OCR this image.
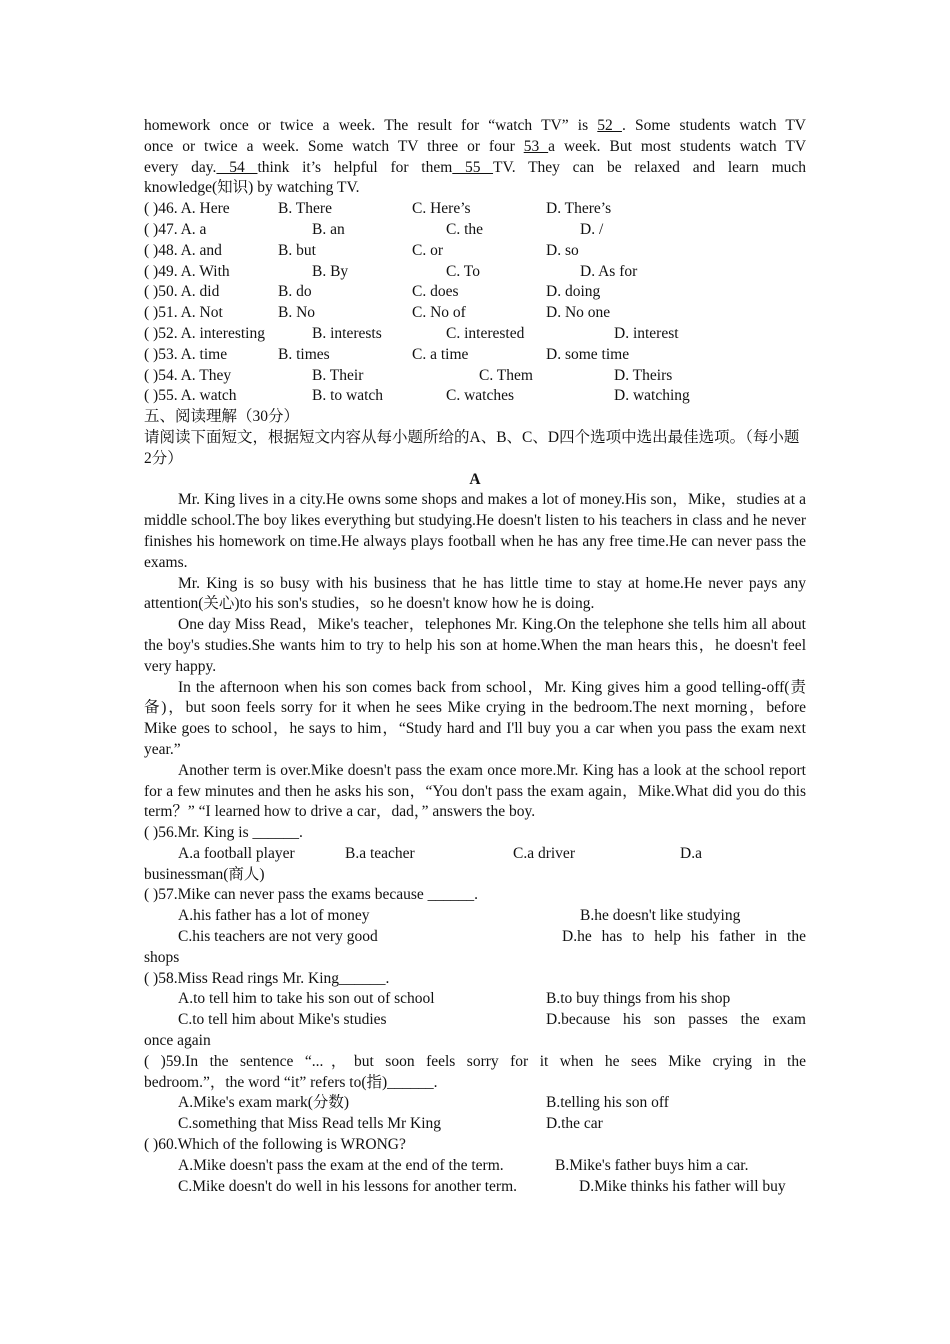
homework once or twice a week. The result for “watch TV” is 52 . Some students watch TV
once or twice a week. Some watch TV three or four 53 a week. But most students watch TV
every day. 54 think it’s helpful for them 55 TV. They can be relaxed and learn much
knowledge(知识) by watching TV.
( )46. A. Here	B. There	C. Here’s	D. There’s
( )47. A. a	B. an	C. the	D. /
( )48. A. and	B. but	C. or	D. so
( )49. A. With	B. By	C. To	D. As for
( )50. A. did	B. do	C. does	D. doing
( )51. A. Not	B. No	C. No of	D. No one
( )52. A. interesting	B. interests	C. interested	D. interest
( )53. A. time	B. times	C. a time	D. some time
( )54. A. They	B. Their	C. Them	D. Theirs
( )55. A. watch	B. to watch	C. watches	D. watching
五、阅读理解（30分）
请阅读下面短文，根据短文内容从每小题所给的A、B、C、D四个选项中选出最佳选项。（每小题2分）
A
Mr. King lives in a city.He owns some shops and makes a lot of money.His son，Mike，studies at a middle school.The boy likes everything but studying.He doesn't listen to his teachers in class and he never finishes his homework on time.He always plays football when he has any free time.He can never pass the exams.
Mr. King is so busy with his business that he has little time to stay at home.He never pays any attention(关心)to his son's studies，so he doesn't know how he is doing.
One day Miss Read，Mike's teacher，telephones Mr. King.On the telephone she tells him all about the boy's studies.She wants him to try to help his son at home.When the man hears this，he doesn't feel very happy.
In the afternoon when his son comes back from school，Mr. King gives him a good telling-off(责备)，but soon feels sorry for it when he sees Mike crying in the bedroom.The next morning，before Mike goes to school，he says to him，“Study hard and I'll buy you a car when you pass the exam next year.”
Another term is over.Mike doesn't pass the exam once more.Mr. King has a look at the school report for a few minutes and then he asks his son，“You don't pass the exam again，Mike.What did you do this term？” “I learned how to drive a car，dad，” answers the boy.
( )56.Mr. King is ______.
A.a football player	B.a teacher	C.a driver	D.a
businessman(商人)
( )57.Mike can never pass the exams because ______.
A.his father has a lot of money	B.he doesn't like studying
C.his teachers are not very good	D.he has to help his father in the
shops
( )58.Miss Read rings Mr. King______.
A.to tell him to take his son out of school	B.to buy things from his shop
C.to tell him about Mike's studies	D.because his son passes the exam
once again
( )59.In the sentence “...，but soon feels sorry for it when he sees Mike crying in the
bedroom.”，the word “it” refers to(指)______.
A.Mike's exam mark(分数)	B.telling his son off
C.something that Miss Read tells Mr King	D.the car
( )60.Which of the following is WRONG?
A.Mike doesn't pass the exam at the end of the term.	B.Mike's father buys him a car.
C.Mike doesn't do well in his lessons for another term.	D.Mike thinks his father will buy
